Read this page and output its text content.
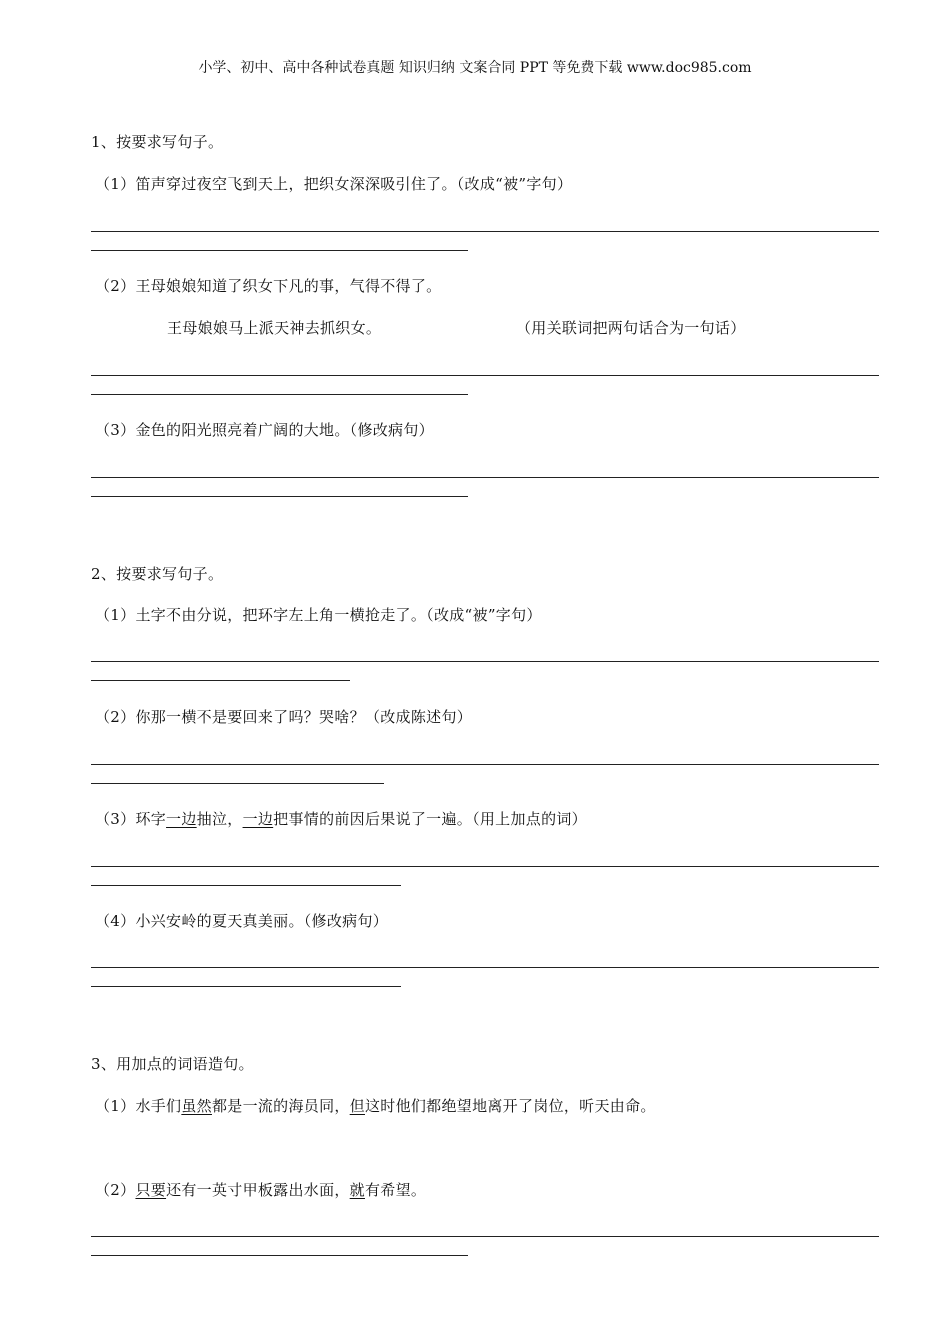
小学、初中、高中各种试卷真题 知识归纳 文案合同 PPT 等免费下载 www.doc985.com
1、按要求写句子。
（1）笛声穿过夜空飞到天上，把织女深深吸引住了。（改成“被”字句）
（2）王母娘娘知道了织女下凡的事，气得不得了。
王母娘娘马上派天神去抓织女。	（用关联词把两句话合为一句话）
（3）金色的阳光照亮着广阔的大地。（修改病句）
2、按要求写句子。
（1）土字不由分说，把环字左上角一横抢走了。（改成“被”字句）
（2）你那一横不是要回来了吗？哭啥？（改成陈述句）
（3）环字一边抽泣，一边把事情的前因后果说了一遍。（用上加点的词）
（4）小兴安岭的夏天真美丽。（修改病句）
3、用加点的词语造句。
（1）水手们虽然都是一流的海员同，但这时他们都绝望地离开了岗位，听天由命。
（2）只要还有一英寸甲板露出水面，就有希望。
